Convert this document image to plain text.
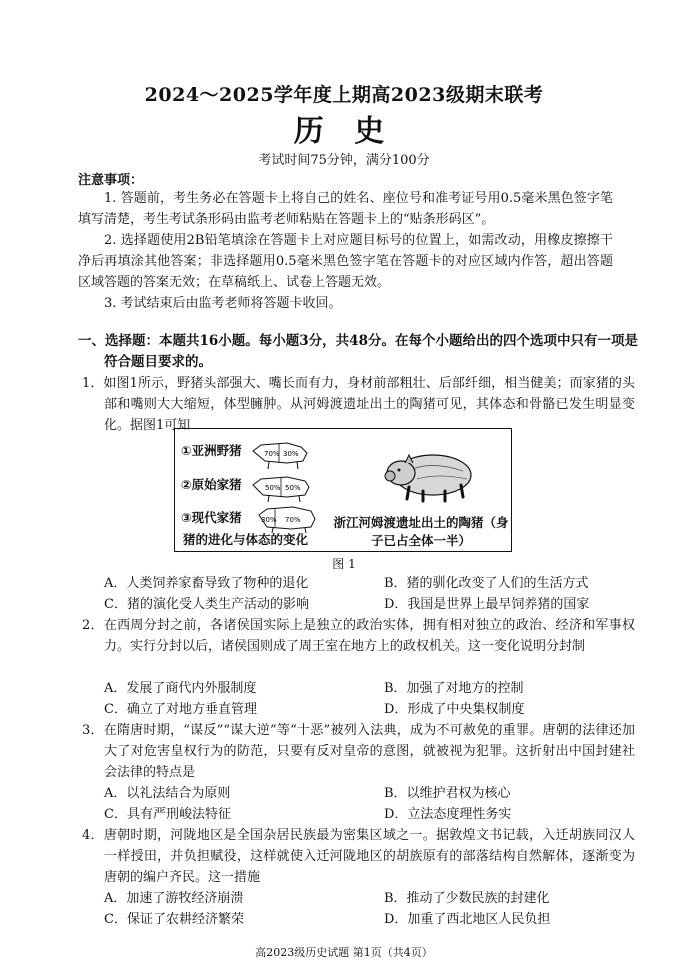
2024～2025学年度上期高2023级期末联考
历 史
考试时间75分钟，满分100分
注意事项：
1. 答题前，考生务必在答题卡上将自己的姓名、座位号和准考证号用0.5毫米黑色签字笔填写清楚，考生考试条形码由监考老师粘贴在答题卡上的“贴条形码区”。
2. 选择题使用2B铅笔填涂在答题卡上对应题目标号的位置上，如需改动，用橡皮擦擦干净后再填涂其他答案；非选择题用0.5毫米黑色签字笔在答题卡的对应区域内作答，超出答题区域答题的答案无效；在草稿纸上、试卷上答题无效。
3. 考试结束后由监考老师将答题卡收回。
一、选择题：本题共16小题。每小题3分，共48分。在每个小题给出的四个选项中只有一项是符合题目要求的。
1．如图1所示，野猪头部强大、嘴长而有力，身材前部粗壮、后部纤细，相当健美；而家猪的头部和嘴则大大缩短，体型臃肿。从河姆渡遗址出土的陶猪可见，其体态和骨骼已发生明显变化。据图1可知
①亚洲野猪
②原始家猪
③现代家猪
70% 30%
50% 50%
30% 70%
猪的进化与体态的变化
浙江河姆渡遗址出土的陶猪（身子已占全体一半）
图 1
A．人类饲养家畜导致了物种的退化	B．猪的驯化改变了人们的生活方式
C．猪的演化受人类生产活动的影响	D．我国是世界上最早饲养猪的国家
2．在西周分封之前，各诸侯国实际上是独立的政治实体，拥有相对独立的政治、经济和军事权力。实行分封以后，诸侯国则成了周王室在地方上的政权机关。这一变化说明分封制
A．发展了商代内外服制度	B．加强了对地方的控制
C．确立了对地方垂直管理	D．形成了中央集权制度
3．在隋唐时期，“谋反”“谋大逆”等“十恶”被列入法典，成为不可赦免的重罪。唐朝的法律还加大了对危害皇权行为的防范，只要有反对皇帝的意图，就被视为犯罪。这折射出中国封建社会法律的特点是
A．以礼法结合为原则	B．以维护君权为核心
C．具有严刑峻法特征	D．立法态度理性务实
4．唐朝时期，河陇地区是全国杂居民族最为密集区域之一。据敦煌文书记载，入迁胡族同汉人一样授田，并负担赋役，这样就使入迁河陇地区的胡族原有的部落结构自然解体，逐渐变为唐朝的编户齐民。这一措施
A．加速了游牧经济崩溃	B．推动了少数民族的封建化
C．保证了农耕经济繁荣	D．加重了西北地区人民负担
高2023级历史试题 第1页（共4页）
